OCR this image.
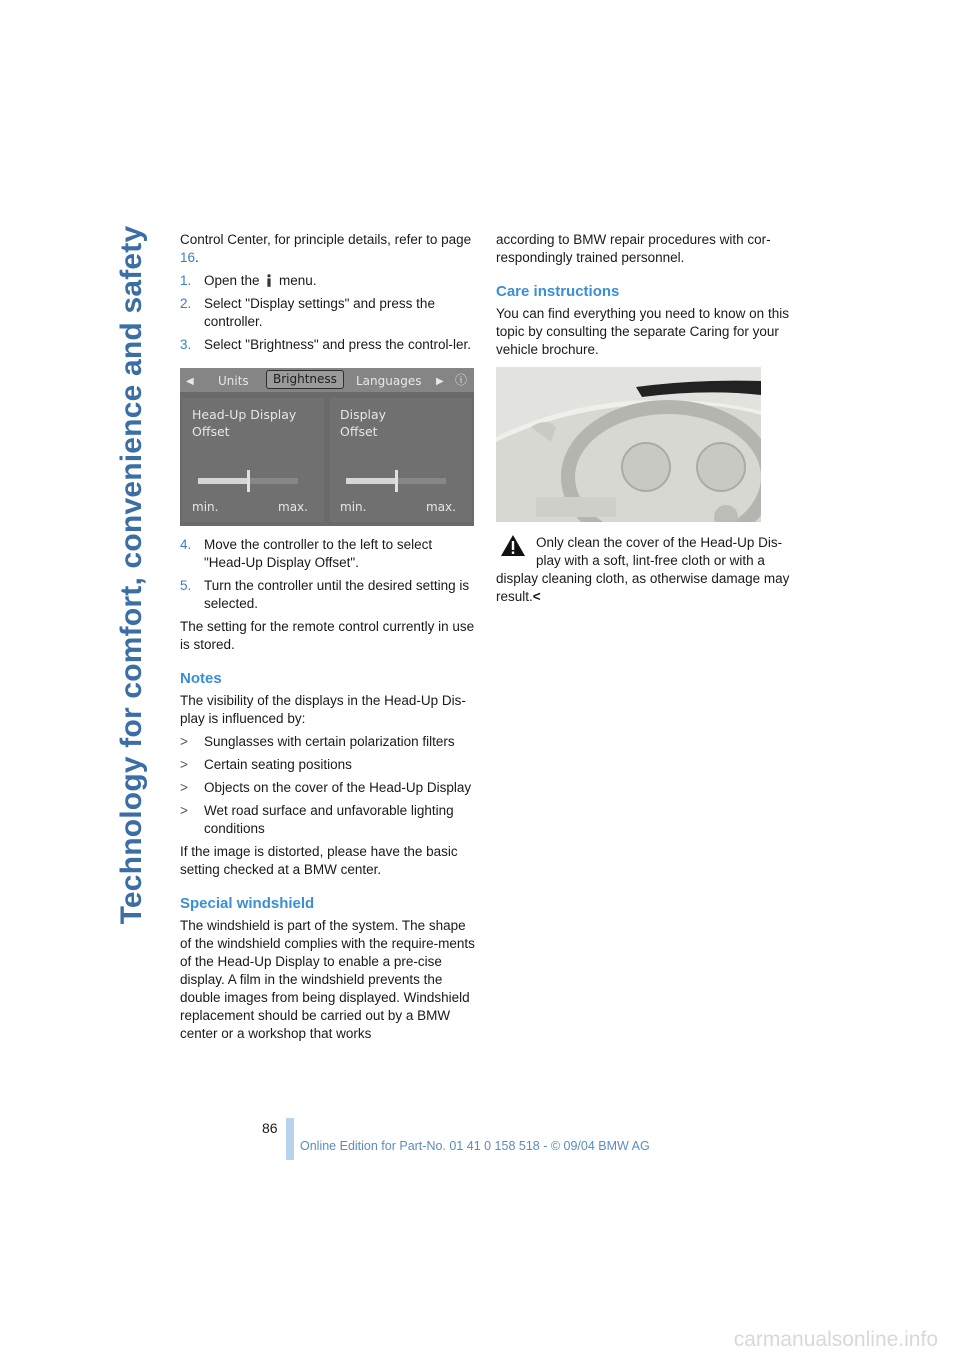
Technology for comfort, convenience and safety Control Center, for principle details, refer to page 16.

1. Open the  menu.
2. Select "Display settings" and press the controller.
3. Select "Brightness" and press the control-ler.
◀ Units	Brightness	Languages ▶ ⓘ
Head-Up Display
Offset
min.	max.
Display
Offset
min.	max.
4. Move the controller to the left to select "Head-Up Display Offset".
5. Turn the controller until the desired setting is selected.

The setting for the remote control currently in use is stored.

Notes

The visibility of the displays in the Head-Up Dis-play is influenced by:

> Sunglasses with certain polarization filters
> Certain seating positions
> Objects on the cover of the Head-Up Display
> Wet road surface and unfavorable lighting conditions

If the image is distorted, please have the basic setting checked at a BMW center.

Special windshield

The windshield is part of the system. The shape of the windshield complies with the require-ments of the Head-Up Display to enable a pre-cise display. A film in the windshield prevents the double images from being displayed. Windshield replacement should be carried out by a BMW center or a workshop that works

according to BMW repair procedures with cor-respondingly trained personnel.

Care instructions

You can find everything you need to know on this topic by consulting the separate Caring for your vehicle brochure.

Only clean the cover of the Head-Up Dis-play with a soft, lint-free cloth or with a display cleaning cloth, as otherwise damage may result.<
86
Online Edition for Part-No. 01 41 0 158 518 - © 09/04 BMW AG
carmanualsonline.info
